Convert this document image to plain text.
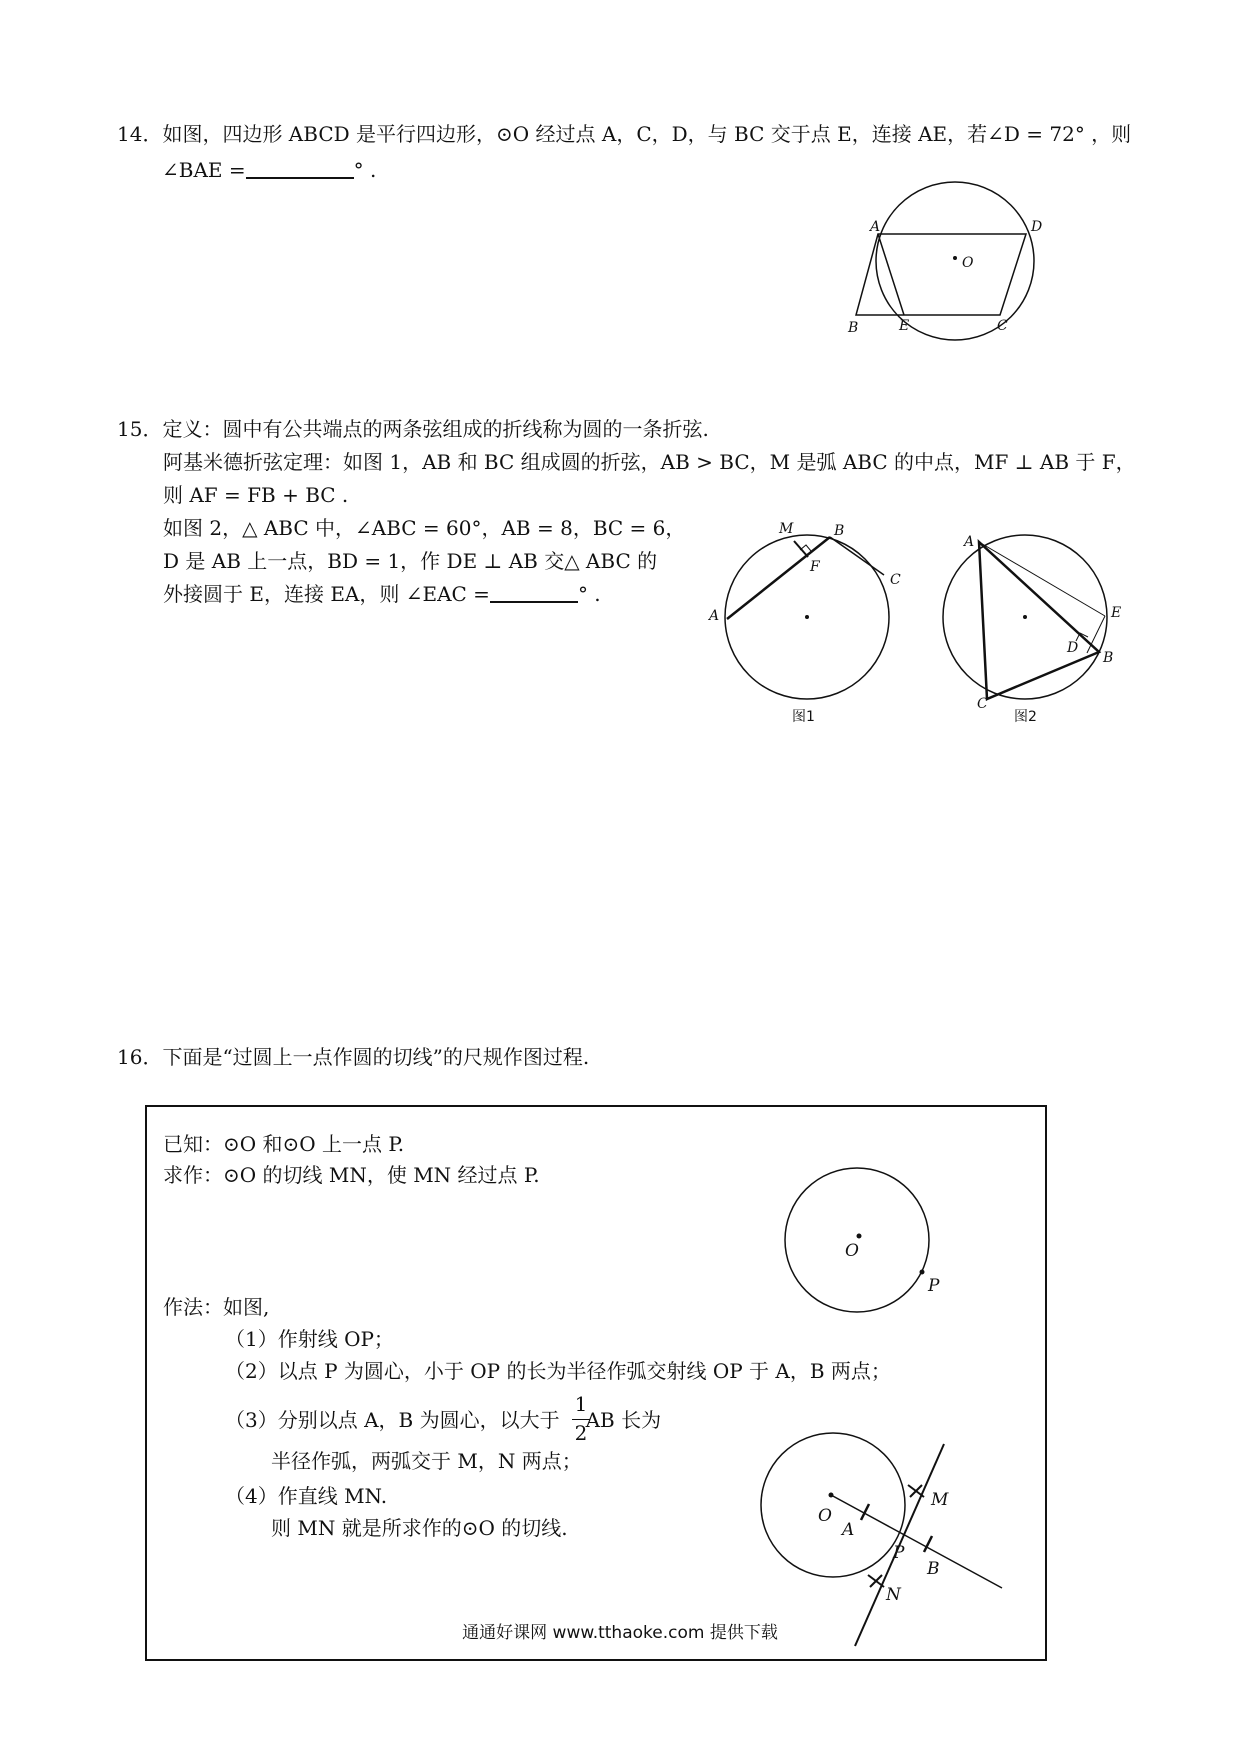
14．如图，四边形 ABCD 是平行四边形，⊙O 经过点 A，C，D，与 BC 交于点 E，连接 AE，若∠D = 72° ，则
∠BAE =	° .
15．定义：圆中有公共端点的两条弦组成的折线称为圆的一条折弦.
阿基米德折弦定理：如图 1，AB 和 BC 组成圆的折弦，AB > BC，M 是弧 ABC 的中点，MF ⊥ AB 于 F，
则 AF = FB + BC .
如图 2，△ ABC 中，∠ABC = 60°，AB = 8，BC = 6，
D 是 AB 上一点，BD = 1，作 DE ⊥ AB 交△ ABC 的
外接圆于 E，连接 EA，则 ∠EAC =	° .
16．下面是“过圆上一点作圆的切线”的尺规作图过程.
已知：⊙O 和⊙O 上一点 P.
求作：⊙O 的切线 MN，使 MN 经过点 P.
作法：如图,
（1）作射线 OP；
（2）以点 P 为圆心，小于 OP 的长为半径作弧交射线 OP 于 A，B 两点；
（3）分别以点 A，B 为圆心，以大于 AB 长为
1
2
半径作弧，两弧交于 M，N 两点；
（4）作直线 MN.
则 MN 就是所求作的⊙O 的切线.
通通好课网 www.tthaoke.com 提供下载
A	D
O
B	E	C
M	B
C
F
A
A
E
D
B
C
O
P
O
A
P
B
M
N
图1	图2
